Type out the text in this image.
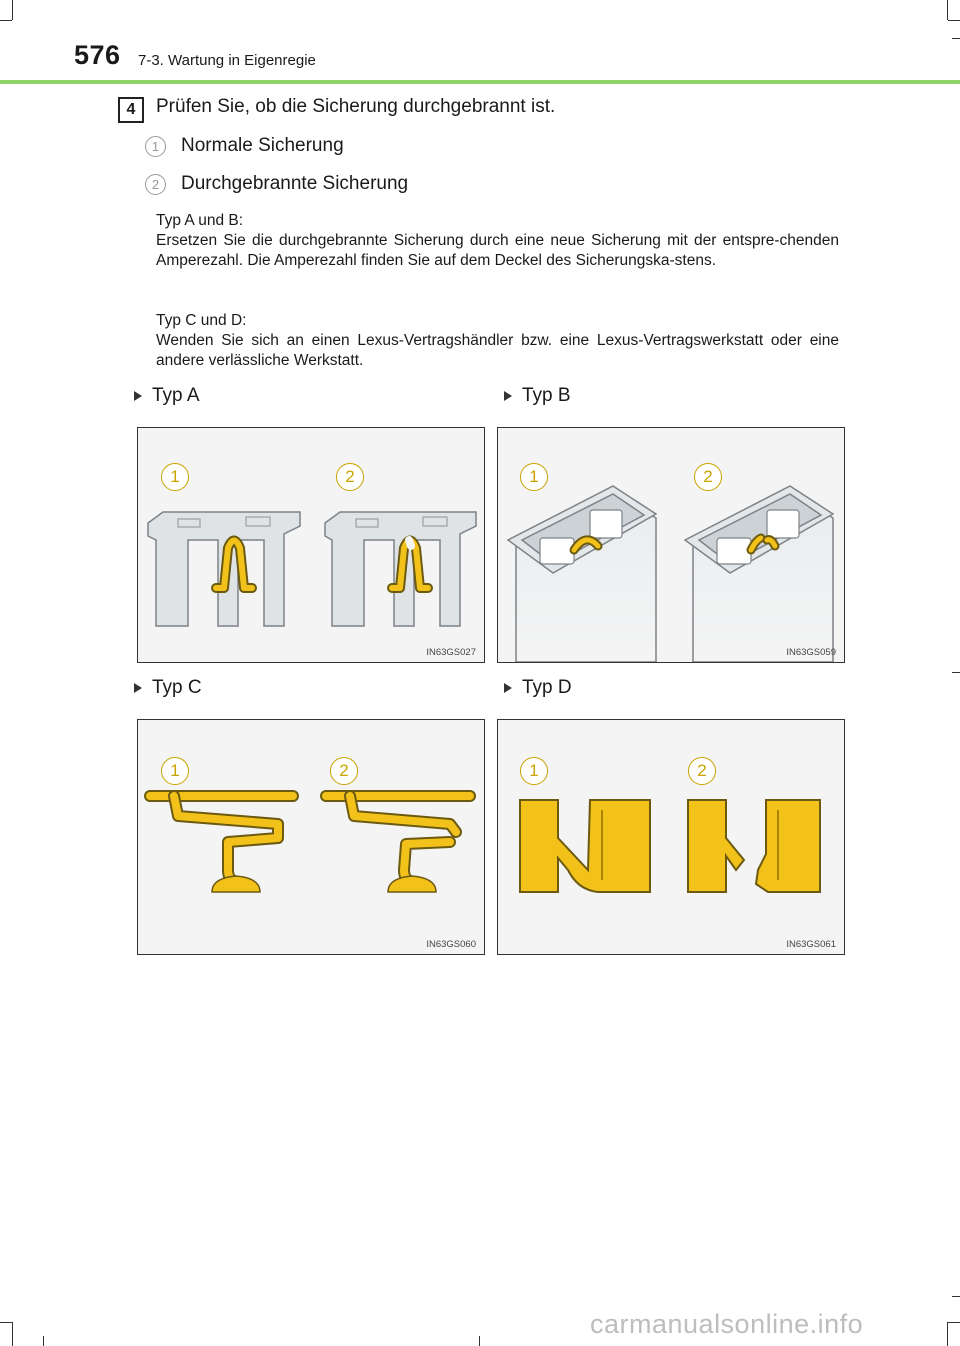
576 7-3. Wartung in Eigenregie
4	Prüfen Sie, ob die Sicherung durchgebrannt ist.
1	Normale Sicherung
2	Durchgebrannte Sicherung
Typ A und B:
Ersetzen Sie die durchgebrannte Sicherung durch eine neue Sicherung mit der entspre-chenden Amperezahl. Die Amperezahl finden Sie auf dem Deckel des Sicherungska-stens.
Typ C und D:
Wenden Sie sich an einen Lexus-Vertragshändler bzw. eine Lexus-Vertragswerkstatt oder eine andere verlässliche Werkstatt.
Typ A	Typ B
Typ C	Typ D
1	2
IN63GS027
1	2
IN63GS059
1	2
IN63GS060
1	2
IN63GS061
carmanualsonline.info
